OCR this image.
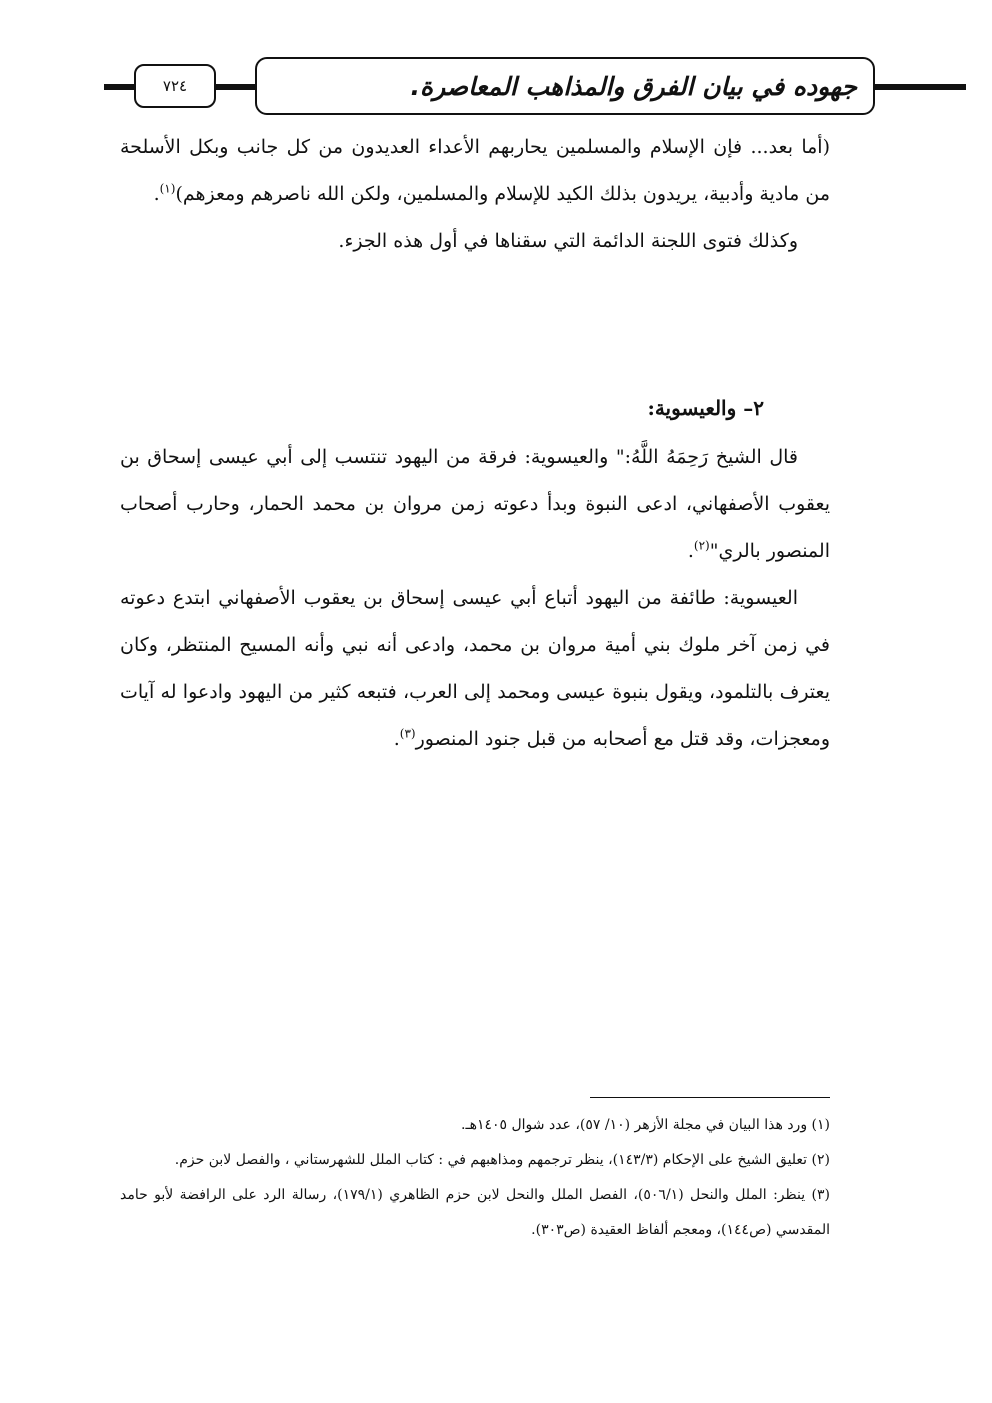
٧٢٤	جهوده في بيان الفرق والمذاهب المعاصرة.

(أما بعد... فإن الإسلام والمسلمين يحاربهم الأعداء العديدون من كل جانب وبكل الأسلحة من مادية وأدبية، يريدون بذلك الكيد للإسلام والمسلمين، ولكن الله ناصرهم ومعزهم)$^{(١)}$.

وكذلك فتوى اللجنة الدائمة التي سقناها في أول هذه الجزء.

٢– والعيسوية:

قال الشيخ رَحِمَهُ اللَّهُ:" والعيسوية: فرقة من اليهود تنتسب إلى أبي عيسى إسحاق بن يعقوب الأصفهاني، ادعى النبوة وبدأ دعوته زمن مروان بن محمد الحمار، وحارب أصحاب المنصور بالري"$^{(٢)}$.

العيسوية: طائفة من اليهود أتباع أبي عيسى إسحاق بن يعقوب الأصفهاني ابتدع دعوته في زمن آخر ملوك بني أمية مروان بن محمد، وادعى أنه نبي وأنه المسيح المنتظر، وكان يعترف بالتلمود، ويقول بنبوة عيسى ومحمد إلى العرب، فتبعه كثير من اليهود وادعوا له آيات ومعجزات، وقد قتل مع أصحابه من قبل جنود المنصور$^{(٣)}$.

(١) ورد هذا البيان في مجلة الأزهر (١٠/ ٥٧)، عدد شوال ١٤٠٥هـ.

(٢) تعليق الشيخ على الإحكام (١٤٣/٣)، ينظر ترجمهم ومذاهبهم في : كتاب الملل للشهرستاني ، والفصل لابن حزم.

(٣) ينظر: الملل والنحل (٥٠٦/١)، الفصل الملل والنحل لابن حزم الظاهري (١٧٩/١)، رسالة الرد على الرافضة لأبو حامد المقدسي (ص١٤٤)، ومعجم ألفاظ العقيدة (ص٣٠٣).
